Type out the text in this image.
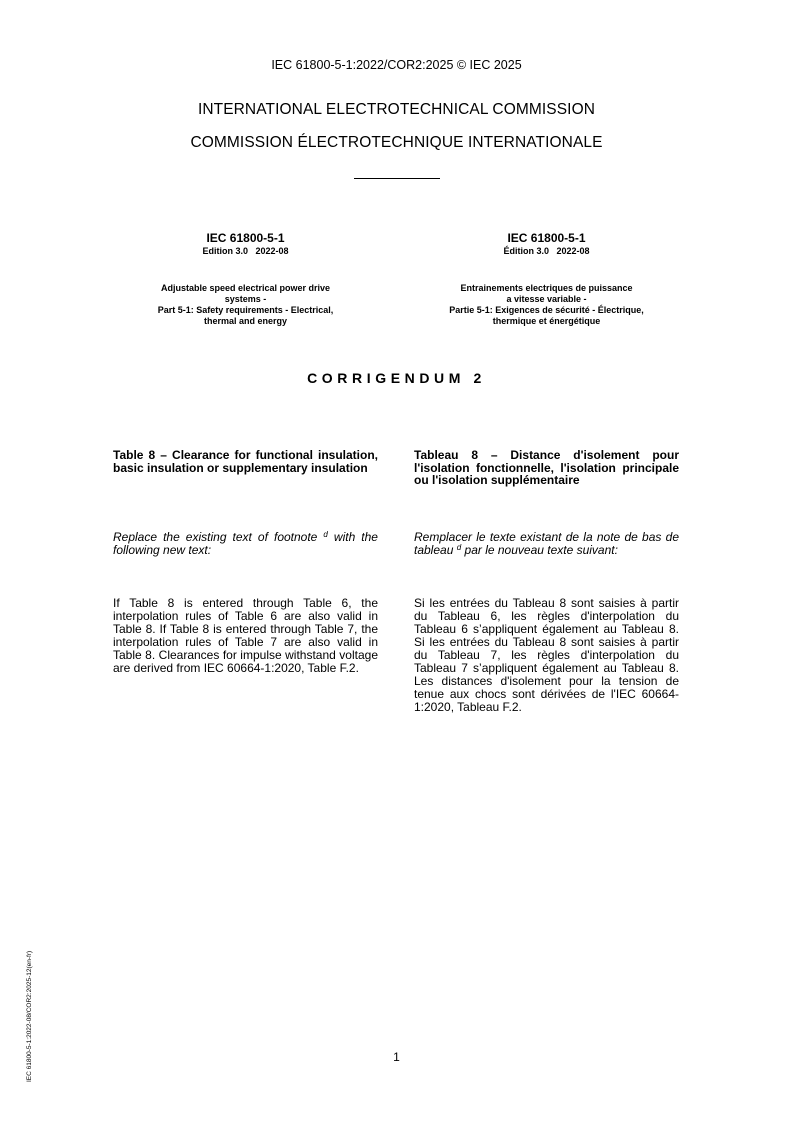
IEC 61800-5-1:2022/COR2:2025 © IEC 2025
INTERNATIONAL ELECTROTECHNICAL COMMISSION
COMMISSION ÉLECTROTECHNIQUE INTERNATIONALE
IEC 61800-5-1
Edition 3.0   2022-08
IEC 61800-5-1
Édition 3.0   2022-08
Adjustable speed electrical power drive
systems -
Part 5-1: Safety requirements - Electrical,
thermal and energy
Entrainements electriques de puissance
a vitesse variable -
Partie 5-1: Exigences de sécurité - Électrique,
thermique et énergétique
CORRIGENDUM 2
Table 8 – Clearance for functional insulation, basic insulation or supplementary insulation
Replace the existing text of footnote $^d$ with the following new text:
If Table 8 is entered through Table 6, the interpolation rules of Table 6 are also valid in Table 8. If Table 8 is entered through Table 7, the interpolation rules of Table 7 are also valid in Table 8. Clearances for impulse withstand voltage are derived from IEC 60664-1:2020, Table F.2.
Tableau 8 – Distance d'isolement pour l'isolation fonctionnelle, l'isolation principale ou l'isolation supplémentaire
Remplacer le texte existant de la note de bas de tableau $^d$ par le nouveau texte suivant:
Si les entrées du Tableau 8 sont saisies à partir du Tableau 6, les règles d'interpolation du Tableau 6 s’appliquent également au Tableau 8. Si les entrées du Tableau 8 sont saisies à partir du Tableau 7, les règles d'interpolation du Tableau 7 s’appliquent également au Tableau 8. Les distances d'isolement pour la tension de tenue aux chocs sont dérivées de l'IEC 60664-1:2020, Tableau F.2.
1
IEC 61800-5-1:2022-08/COR2:2025-12(en-fr)
